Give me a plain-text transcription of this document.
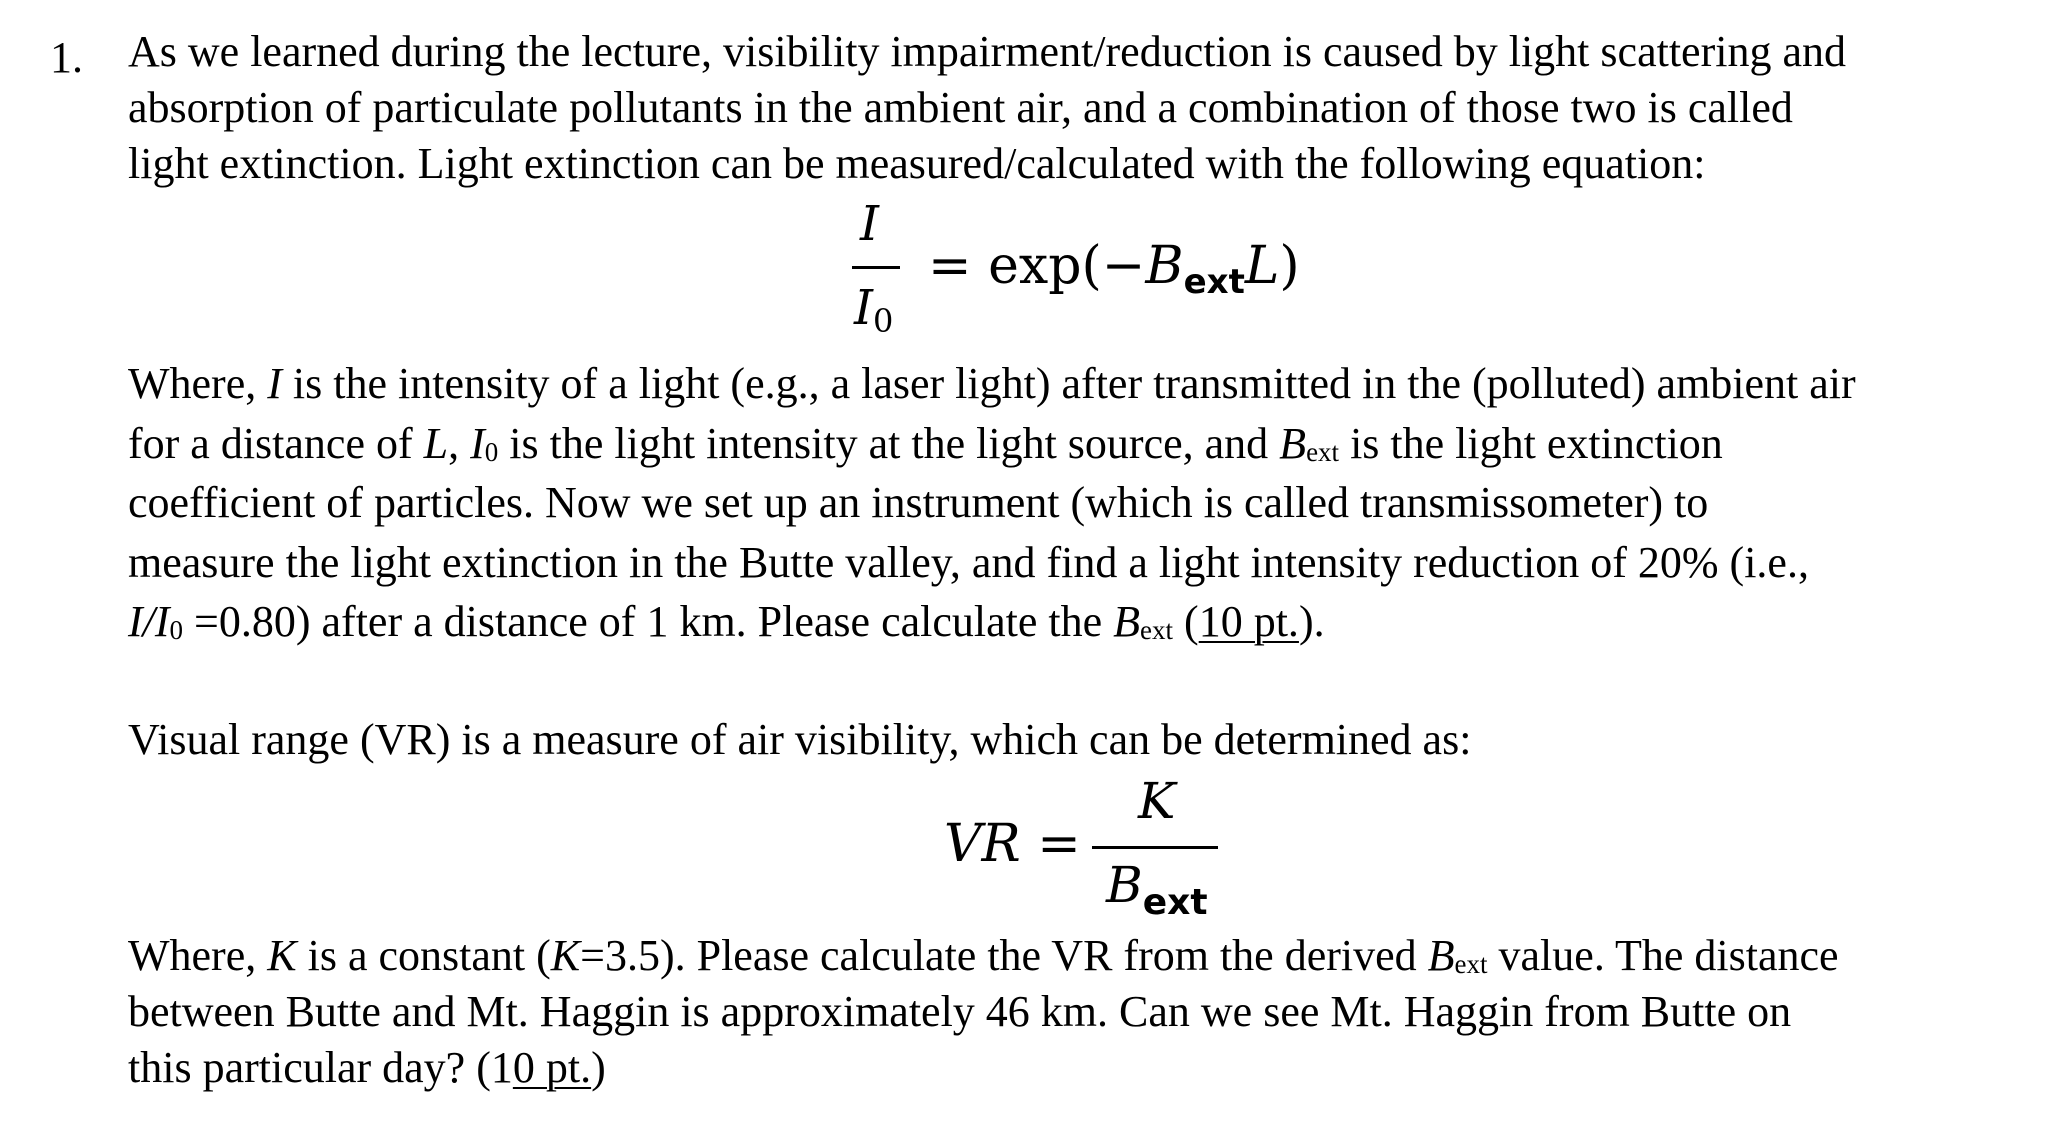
1. As we learned during the lecture, visibility impairment/reduction is caused by light scattering and
absorption of particulate pollutants in the ambient air, and a combination of those two is called
light extinction. Light extinction can be measured/calculated with the following equation:
I
I0
= exp(−BextL)
Where, I is the intensity of a light (e.g., a laser light) after transmitted in the (polluted) ambient air
for a distance of L, I0 is the light intensity at the light source, and Bext is the light extinction
coefficient of particles. Now we set up an instrument (which is called transmissometer) to
measure the light extinction in the Butte valley, and find a light intensity reduction of 20% (i.e.,
I/I0 =0.80) after a distance of 1 km. Please calculate the Bext (10 pt.).
Visual range (VR) is a measure of air visibility, which can be determined as:
VR =
K
$B_{ext}$
Where, K is a constant (K=3.5). Please calculate the VR from the derived Bext value. The distance
between Butte and Mt. Haggin is approximately 46 km. Can we see Mt. Haggin from Butte on
this particular day? (10 pt.)
